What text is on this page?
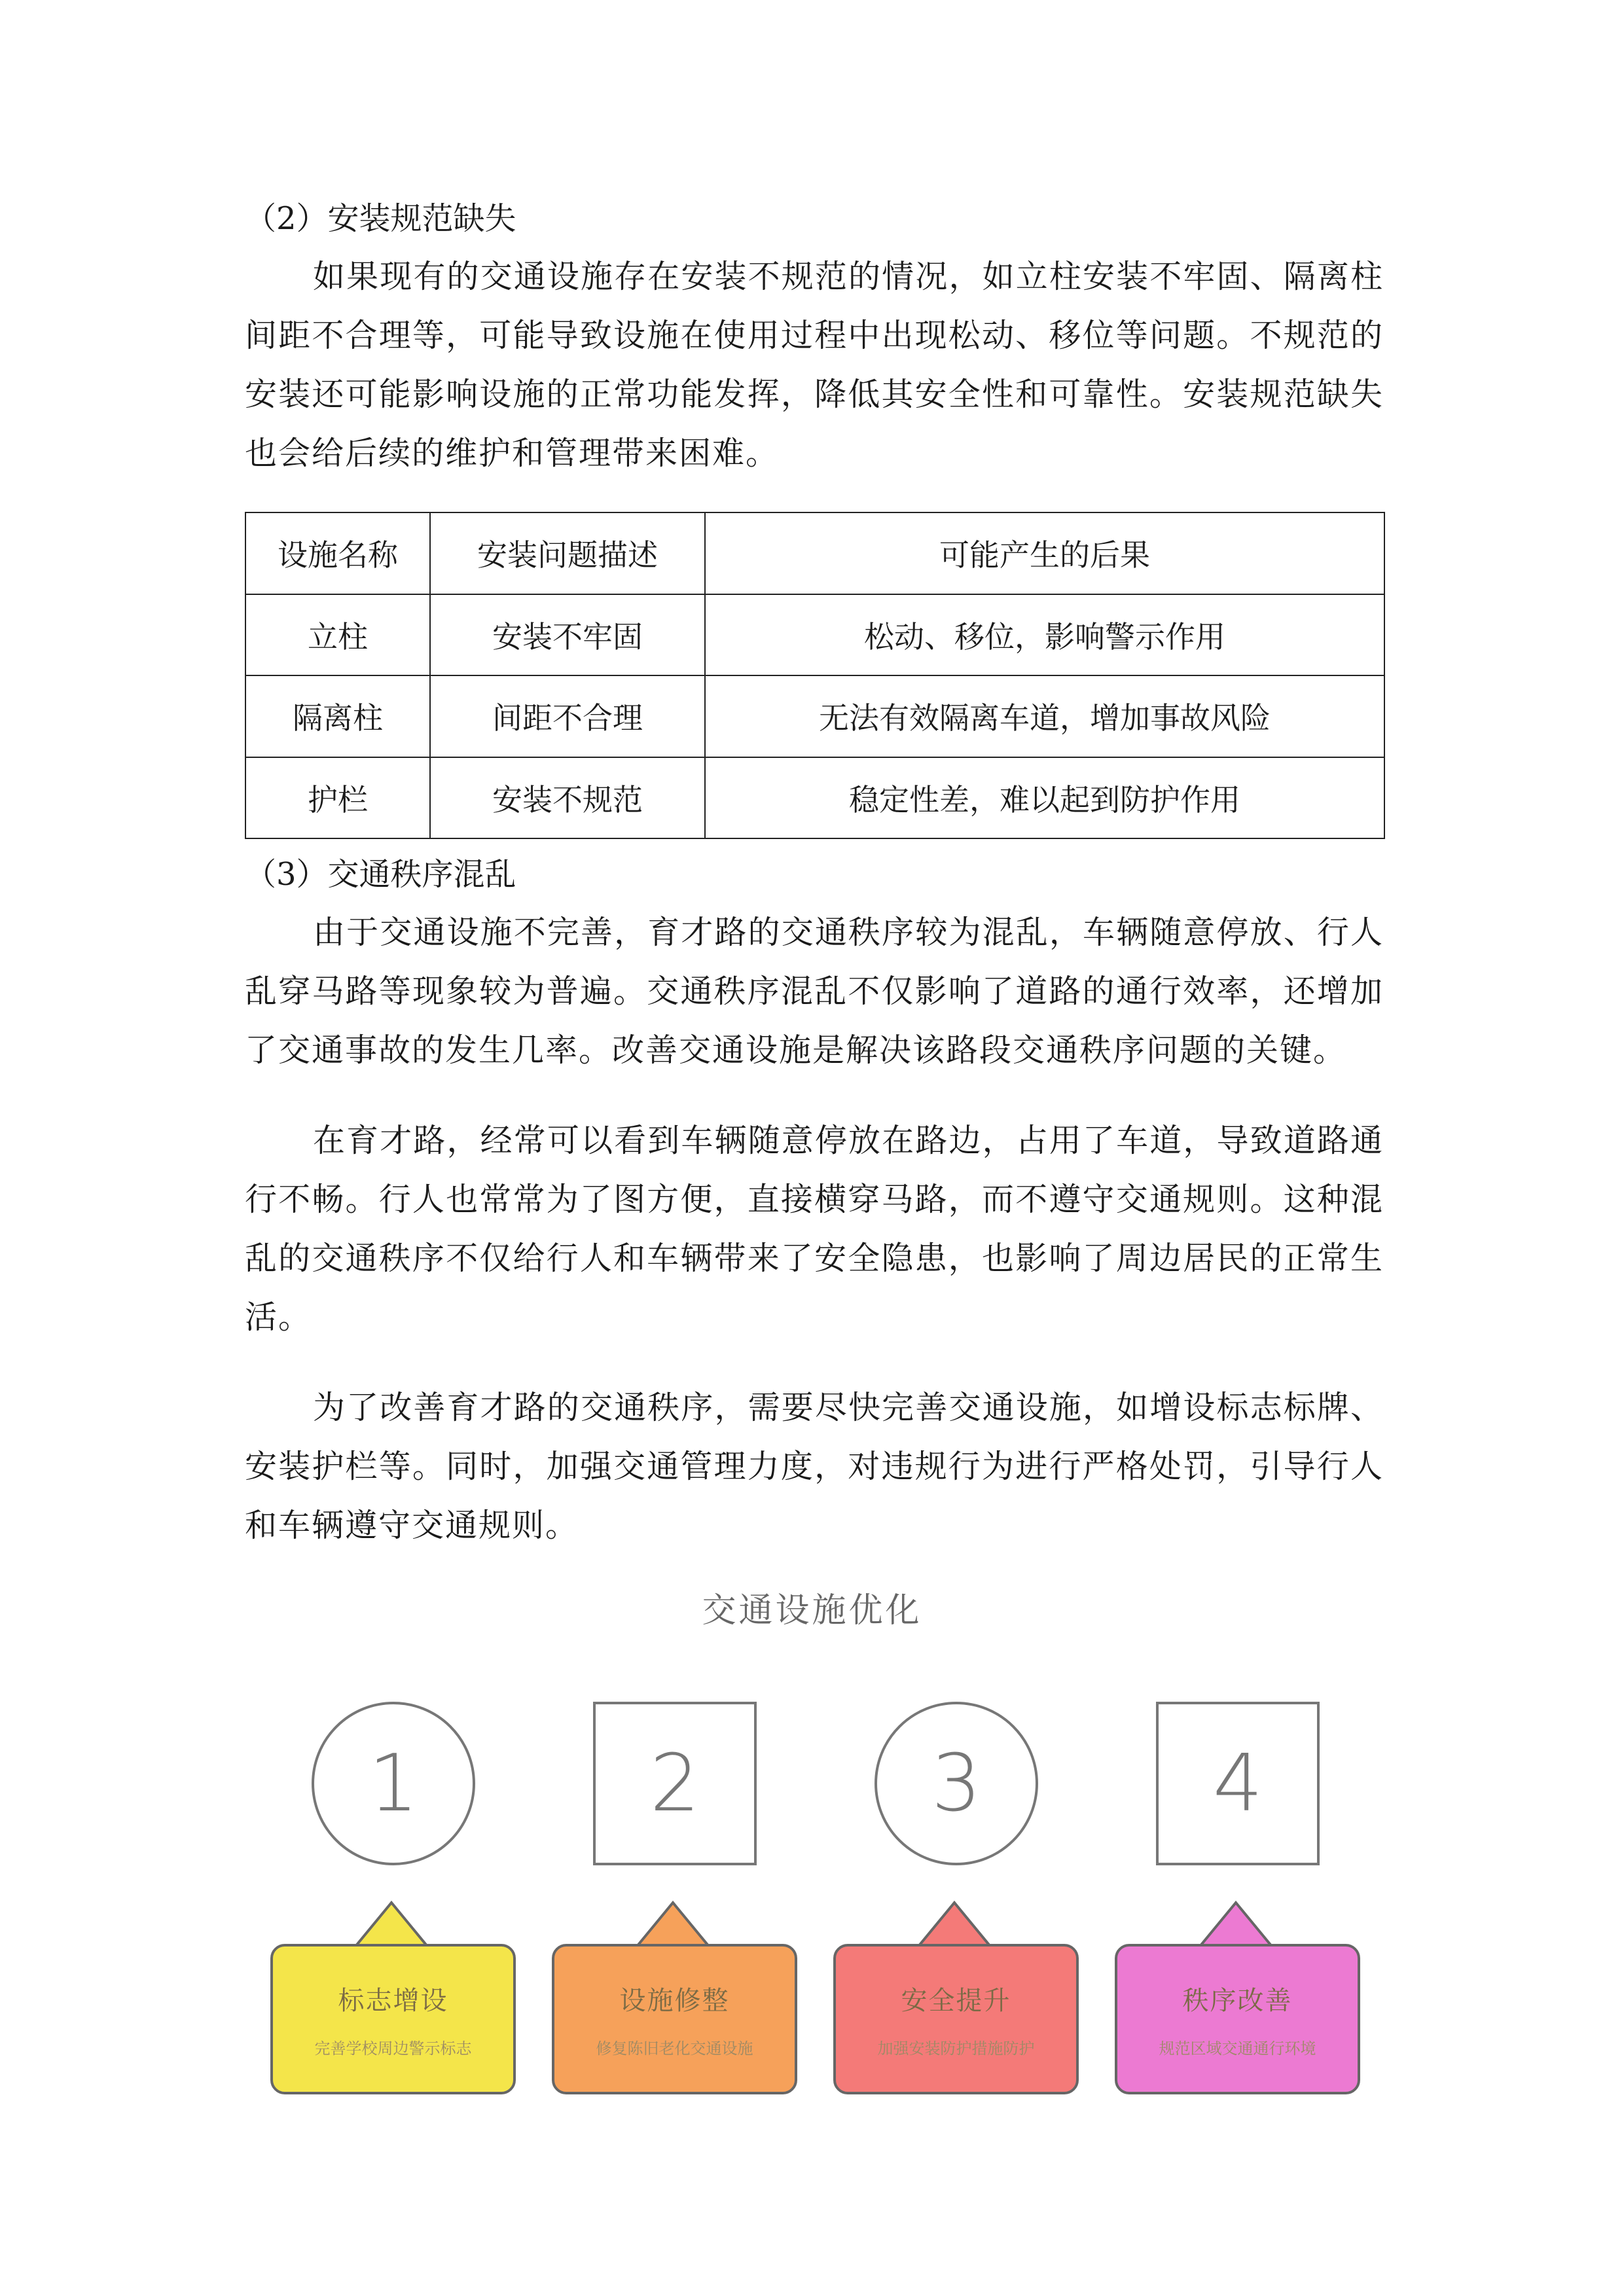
（2）安装规范缺失

如果现有的交通设施存在安装不规范的情况，如立柱安装不牢固、隔离柱间距不合理等，可能导致设施在使用过程中出现松动、移位等问题。不规范的安装还可能影响设施的正常功能发挥，降低其安全性和可靠性。安装规范缺失也会给后续的维护和管理带来困难。

设施名称	安装问题描述	可能产生的后果
立柱	安装不牢固	松动、移位，影响警示作用
隔离柱	间距不合理	无法有效隔离车道，增加事故风险
护栏	安装不规范	稳定性差，难以起到防护作用
（3）交通秩序混乱

由于交通设施不完善，育才路的交通秩序较为混乱，车辆随意停放、行人乱穿马路等现象较为普遍。交通秩序混乱不仅影响了道路的通行效率，还增加了交通事故的发生几率。改善交通设施是解决该路段交通秩序问题的关键。

在育才路，经常可以看到车辆随意停放在路边，占用了车道，导致道路通行不畅。行人也常常为了图方便，直接横穿马路，而不遵守交通规则。这种混乱的交通秩序不仅给行人和车辆带来了安全隐患，也影响了周边居民的正常生活。

为了改善育才路的交通秩序，需要尽快完善交通设施，如增设标志标牌、安装护栏等。同时，加强交通管理力度，对违规行为进行严格处罚，引导行人和车辆遵守交通规则。

交通设施优化
1
标志增设
完善学校周边警示标志
2
设施修整
修复陈旧老化交通设施
3
安全提升
加强安装防护措施防护
4
秩序改善
规范区域交通通行环境
